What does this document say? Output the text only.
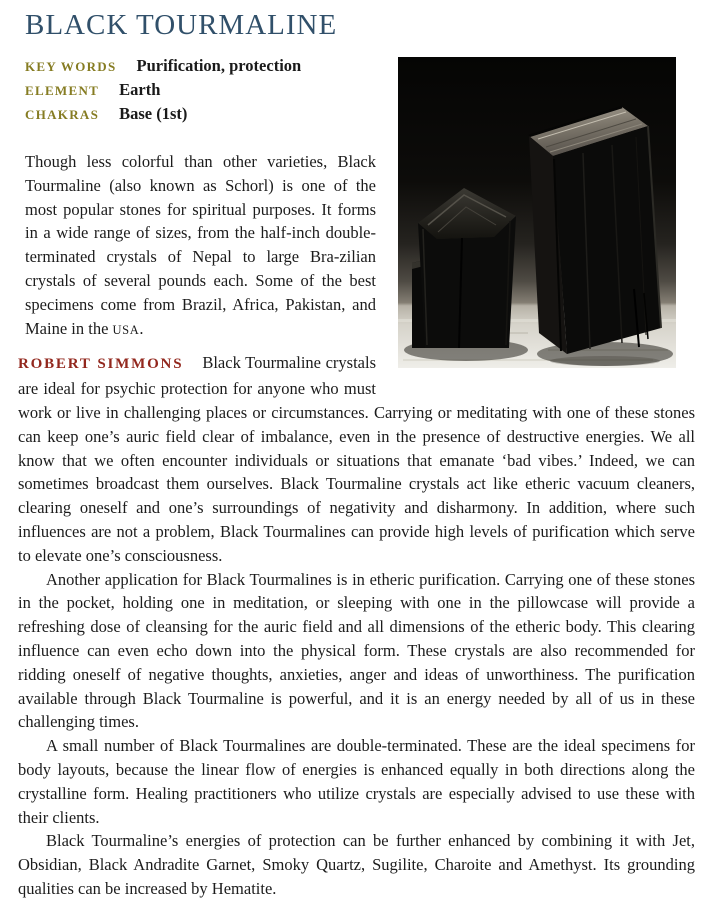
BLACK TOURMALINE
KEY WORDS Purification, protection
ELEMENT Earth
CHAKRAS Base (1st)

Though less colorful than other varieties, Black Tourmaline (also known as Schorl) is one of the most popular stones for spiritual purposes. It forms in a wide range of sizes, from the half-inch double-terminated crystals of Nepal to large Bra-zilian crystals of several pounds each. Some of the best specimens come from Brazil, Africa, Pakistan, and Maine in the USA.

ROBERT SIMMONS Black Tourmaline crystals are ideal for psychic protection for anyone who must work or live in challenging places or circumstances. Carrying or meditating with one of these stones can keep one’s auric field clear of imbalance, even in the presence of destructive energies. We all know that we often encounter individuals or situations that emanate ‘bad vibes.’ Indeed, we can sometimes broadcast them ourselves. Black Tourmaline crystals act like etheric vacuum cleaners, clearing oneself and one’s surroundings of negativity and disharmony. In addition, where such influences are not a problem, Black Tourmalines can provide high levels of purification which serve to elevate one’s consciousness.

Another application for Black Tourmalines is in etheric purification. Carrying one of these stones in the pocket, holding one in meditation, or sleeping with one in the pillowcase will provide a refreshing dose of cleansing for the auric field and all dimensions of the etheric body. This clearing influence can even echo down into the physical form. These crystals are also recommended for ridding oneself of negative thoughts, anxieties, anger and ideas of unworthiness. The purification available through Black Tourmaline is powerful, and it is an energy needed by all of us in these challenging times.

A small number of Black Tourmalines are double-terminated. These are the ideal specimens for body layouts, because the linear flow of energies is enhanced equally in both directions along the crystalline form. Healing practitioners who utilize crystals are especially advised to use these with their clients.

Black Tourmaline’s energies of protection can be further enhanced by combining it with Jet, Obsidian, Black Andradite Garnet, Smoky Quartz, Sugilite, Charoite and Amethyst. Its grounding qualities can be increased by Hematite.
